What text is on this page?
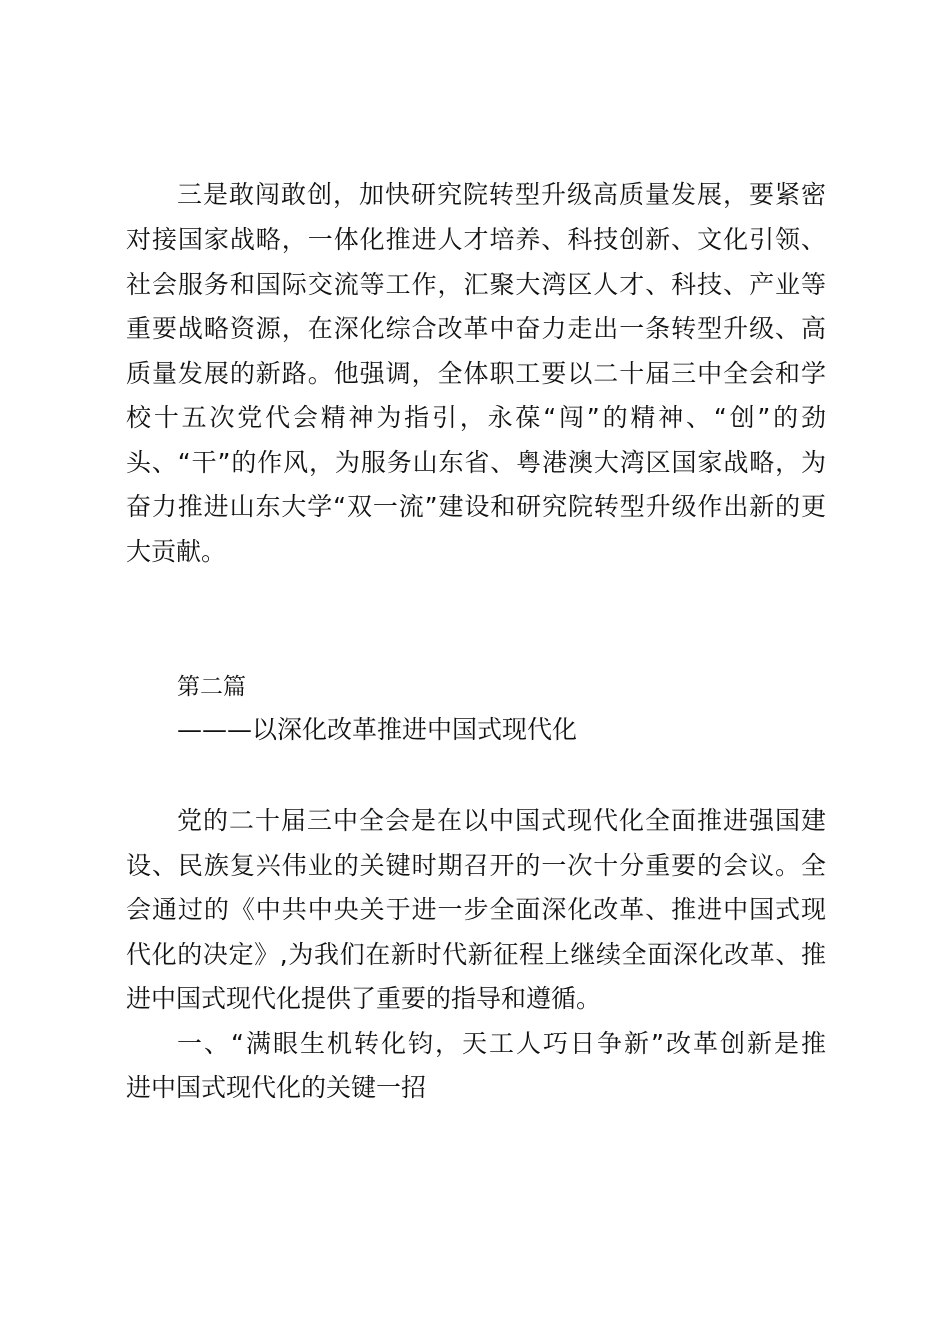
三是敢闯敢创，加快研究院转型升级高质量发展，要紧密
对接国家战略，一体化推进人才培养、科技创新、文化引领、
社会服务和国际交流等工作，汇聚大湾区人才、科技、产业等
重要战略资源，在深化综合改革中奋力走出一条转型升级、高
质量发展的新路。他强调，全体职工要以二十届三中全会和学
校十五次党代会精神为指引，永葆“闯”的精神、“创”的劲
头、“干”的作风，为服务山东省、粤港澳大湾区国家战略，为
奋力推进山东大学“双一流”建设和研究院转型升级作出新的更
大贡献。
第二篇
———以深化改革推进中国式现代化
党的二十届三中全会是在以中国式现代化全面推进强国建
设、民族复兴伟业的关键时期召开的一次十分重要的会议。全
会通过的《中共中央关于进一步全面深化改革、推进中国式现
代化的决定》,为我们在新时代新征程上继续全面深化改革、推
进中国式现代化提供了重要的指导和遵循。
一、“满眼生机转化钧，天工人巧日争新”改革创新是推
进中国式现代化的关键一招
